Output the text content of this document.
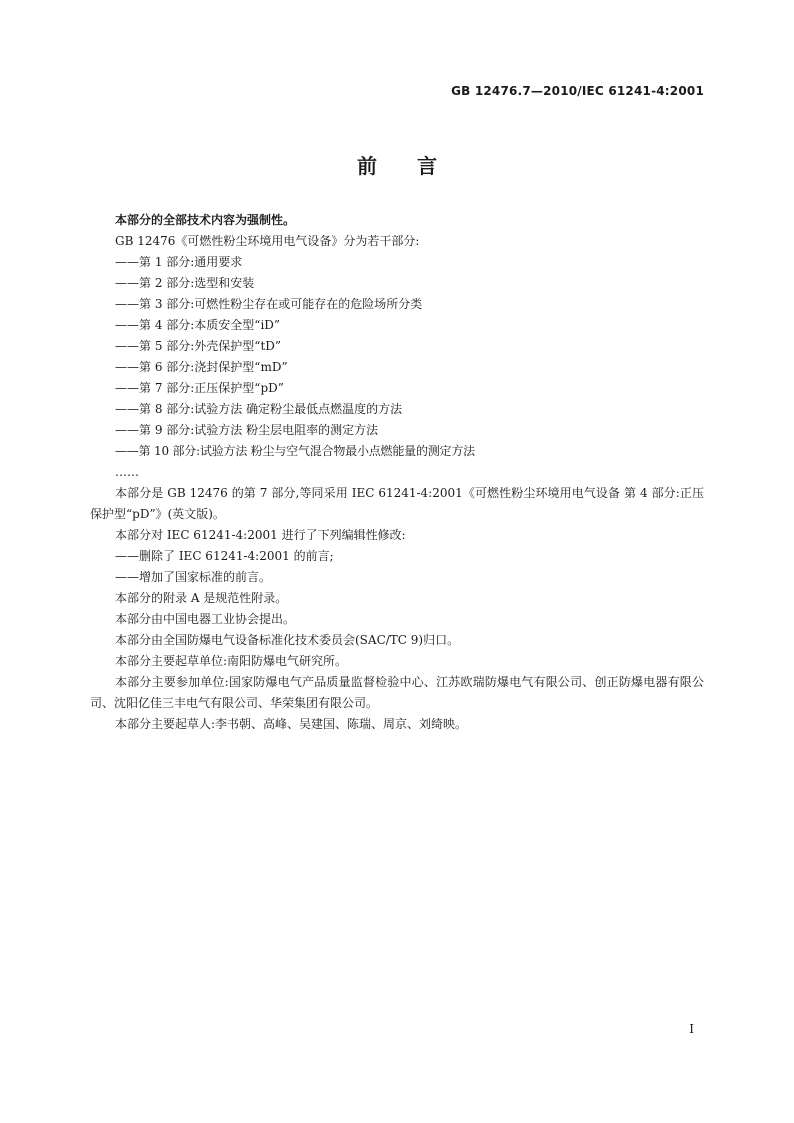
GB 12476.7—2010/IEC 61241-4:2001
前言

本部分的全部技术内容为强制性。

GB 12476《可燃性粉尘环境用电气设备》分为若干部分:

——第 1 部分:通用要求

——第 2 部分:选型和安装

——第 3 部分:可燃性粉尘存在或可能存在的危险场所分类

——第 4 部分:本质安全型“iD”

——第 5 部分:外壳保护型“tD”

——第 6 部分:浇封保护型“mD”

——第 7 部分:正压保护型“pD”

——第 8 部分:试验方法 确定粉尘最低点燃温度的方法

——第 9 部分:试验方法 粉尘层电阻率的测定方法

——第 10 部分:试验方法 粉尘与空气混合物最小点燃能量的测定方法

……

本部分是 GB 12476 的第 7 部分,等同采用 IEC 61241-4:2001《可燃性粉尘环境用电气设备 第 4 部分:正压保护型“pD”》(英文版)。

本部分对 IEC 61241-4:2001 进行了下列编辑性修改:

——删除了 IEC 61241-4:2001 的前言;

——增加了国家标准的前言。

本部分的附录 A 是规范性附录。

本部分由中国电器工业协会提出。

本部分由全国防爆电气设备标准化技术委员会(SAC/TC 9)归口。

本部分主要起草单位:南阳防爆电气研究所。

本部分主要参加单位:国家防爆电气产品质量监督检验中心、江苏欧瑞防爆电气有限公司、创正防爆电器有限公司、沈阳亿佳三丰电气有限公司、华荣集团有限公司。

本部分主要起草人:李书朝、高峰、吴建国、陈瑞、周京、刘绮映。

I
